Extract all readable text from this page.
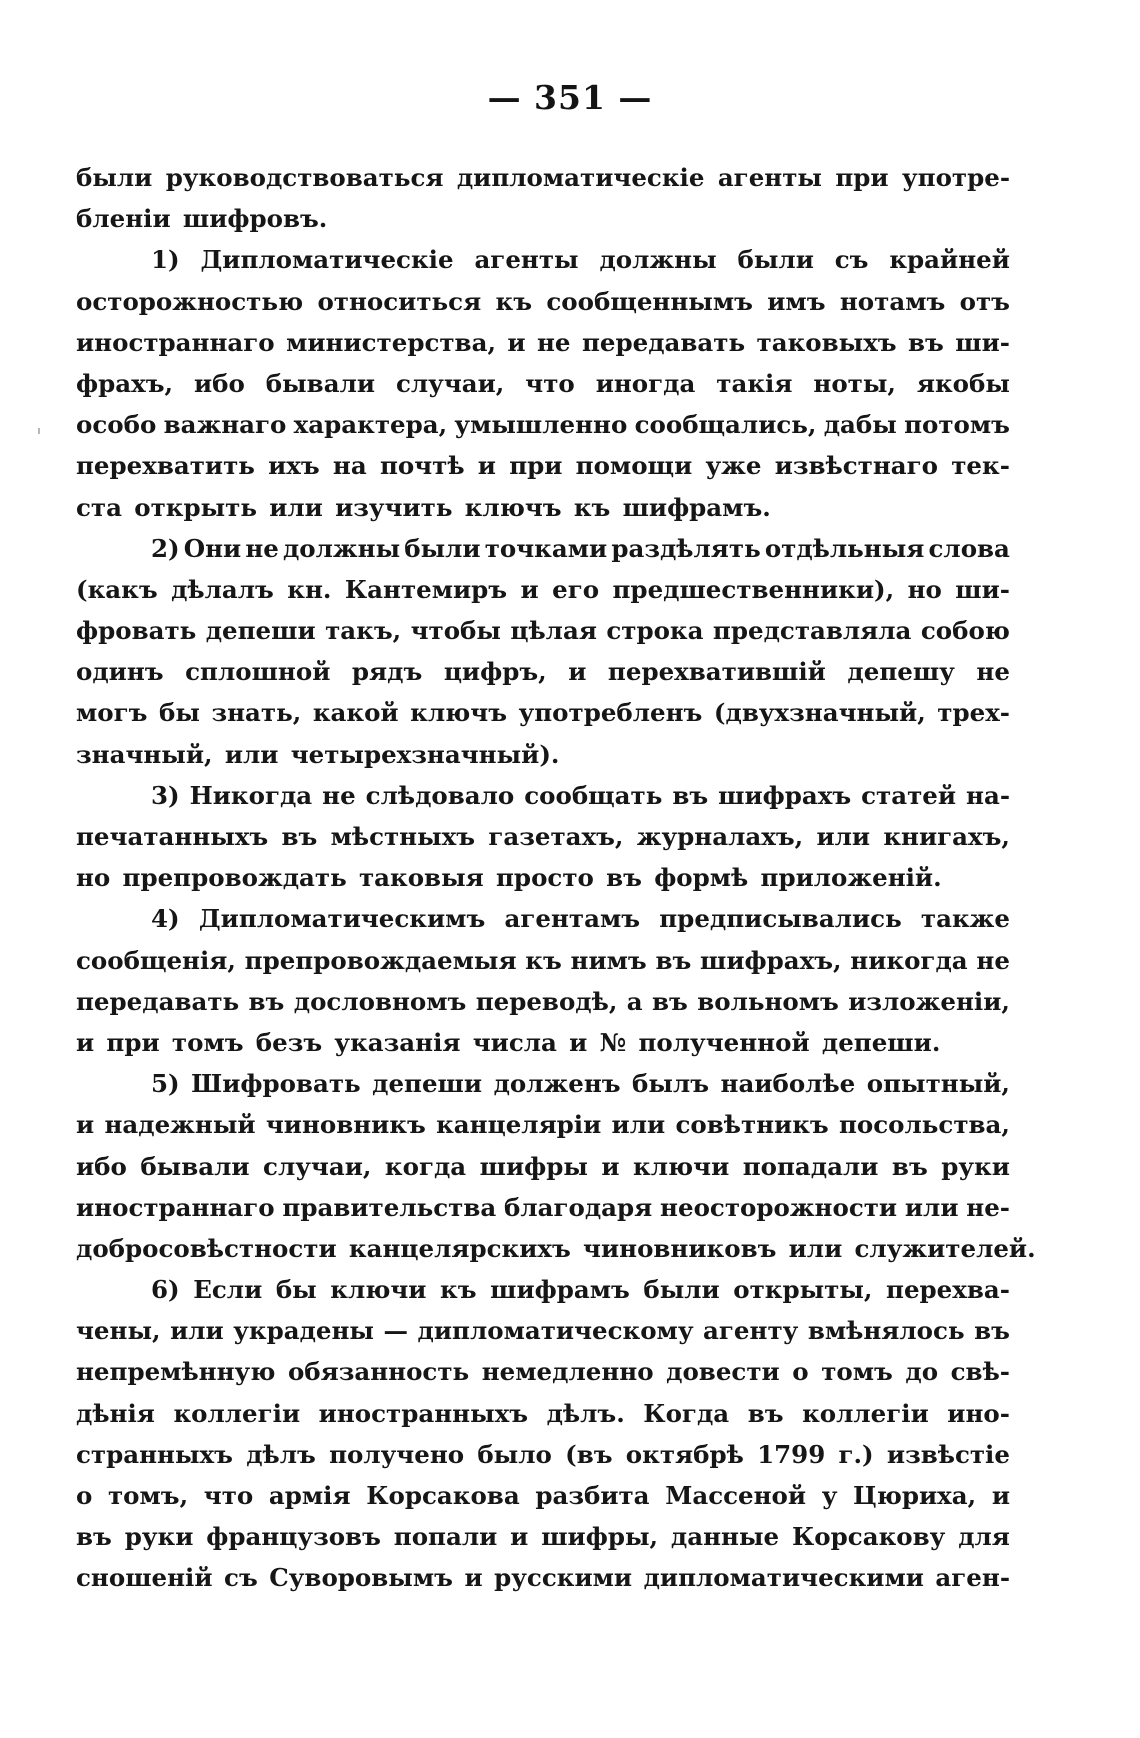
— 351 —
были руководствоваться дипломатическіе агенты при употре-
бленіи шифровъ.
1) Дипломатическіе агенты должны были съ крайней
осторожностью относиться къ сообщеннымъ имъ нотамъ отъ
иностраннаго министерства, и не передавать таковыхъ въ ши-
фрахъ, ибо бывали случаи, что иногда такія ноты, якобы
особо важнаго характера, умышленно сообщались, дабы потомъ
перехватить ихъ на почтѣ и при помощи уже извѣстнаго тек-
ста открыть или изучить ключъ къ шифрамъ.
2) Они не должны были точками раздѣлять отдѣльныя слова
(какъ дѣлалъ кн. Кантемиръ и его предшественники), но ши-
фровать депеши такъ, чтобы цѣлая строка представляла собою
одинъ сплошной рядъ цифръ, и перехватившій депешу не
могъ бы знать, какой ключъ употребленъ (двухзначный, трех-
значный, или четырехзначный).
3) Никогда не слѣдовало сообщать въ шифрахъ статей на-
печатанныхъ въ мѣстныхъ газетахъ, журналахъ, или книгахъ,
но препровождать таковыя просто въ формѣ приложеній.
4) Дипломатическимъ агентамъ предписывались также
сообщенія, препровождаемыя къ нимъ въ шифрахъ, никогда не
передавать въ дословномъ переводѣ, а въ вольномъ изложеніи,
и при томъ безъ указанія числа и № полученной депеши.
5) Шифровать депеши долженъ былъ наиболѣе опытный,
и надежный чиновникъ канцеляріи или совѣтникъ посольства,
ибо бывали случаи, когда шифры и ключи попадали въ руки
иностраннаго правительства благодаря неосторожности или не-
добросовѣстности канцелярскихъ чиновниковъ или служителей.
6) Если бы ключи къ шифрамъ были открыты, перехва-
чены, или украдены — дипломатическому агенту вмѣнялось въ
непремѣнную обязанность немедленно довести о томъ до свѣ-
дѣнія коллегіи иностранныхъ дѣлъ. Когда въ коллегіи ино-
странныхъ дѣлъ получено было (въ октябрѣ 1799 г.) извѣстіе
о томъ, что армія Корсакова разбита Массеной у Цюриха, и
въ руки французовъ попали и шифры, данные Корсакову для
сношеній съ Суворовымъ и русскими дипломатическими аген-
